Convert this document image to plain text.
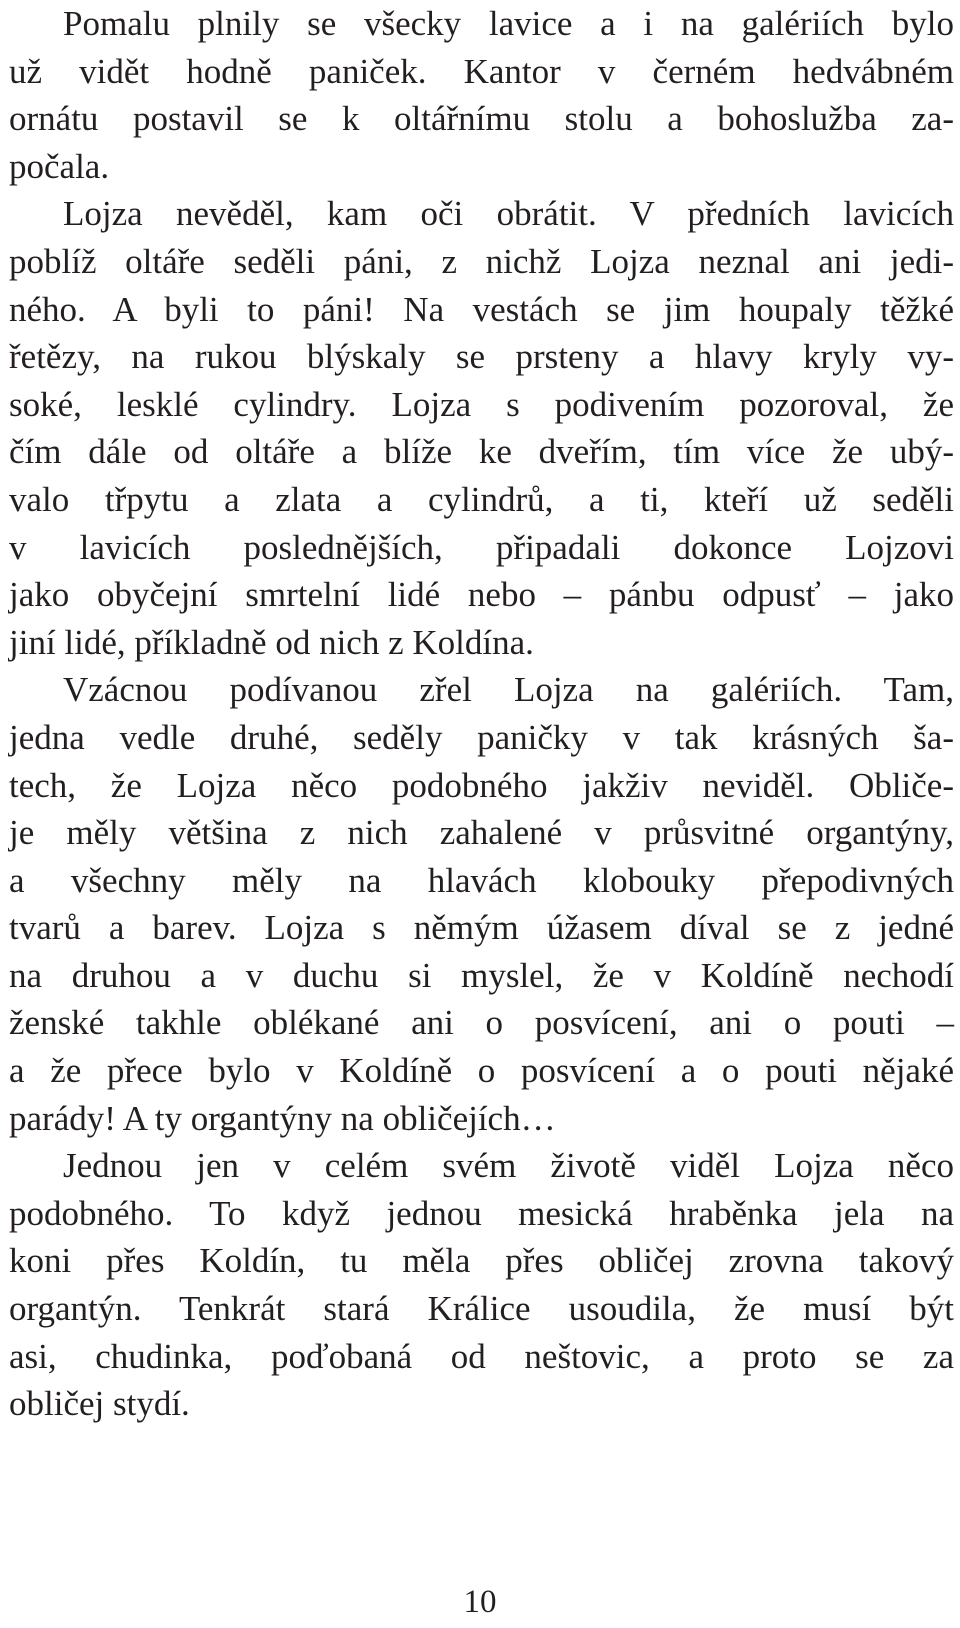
Pomalu plnily se všecky lavice a i na galériích bylo
už vidět hodně paniček. Kantor v černém hedvábném
ornátu postavil se k oltářnímu stolu a bohoslužba za-
počala.

Lojza nevěděl, kam oči obrátit. V předních lavicích
poblíž oltáře seděli páni, z nichž Lojza neznal ani jedi-
ného. A byli to páni! Na vestách se jim houpaly těžké
řetězy, na rukou blýskaly se prsteny a hlavy kryly vy-
soké, lesklé cylindry. Lojza s podivením pozoroval, že
čím dále od oltáře a blíže ke dveřím, tím více že ubý-
valo třpytu a zlata a cylindrů, a ti, kteří už seděli
v lavicích poslednějších, připadali dokonce Lojzovi
jako obyčejní smrtelní lidé nebo – pánbu odpusť – jako
jiní lidé, příkladně od nich z Koldína.

Vzácnou podívanou zřel Lojza na galériích. Tam,
jedna vedle druhé, seděly paničky v tak krásných ša-
tech, že Lojza něco podobného jakživ neviděl. Obliče-
je měly většina z nich zahalené v průsvitné organtýny,
a všechny měly na hlavách klobouky přepodivných
tvarů a barev. Lojza s němým úžasem díval se z jedné
na druhou a v duchu si myslel, že v Koldíně nechodí
ženské takhle oblékané ani o posvícení, ani o pouti –
a že přece bylo v Koldíně o posvícení a o pouti nějaké
parády! A ty organtýny na obličejích…

Jednou jen v celém svém životě viděl Lojza něco
podobného. To když jednou mesická hraběnka jela na
koni přes Koldín, tu měla přes obličej zrovna takový
organtýn. Tenkrát stará Králice usoudila, že musí být
asi, chudinka, poďobaná od neštovic, a proto se za
obličej stydí.

10
